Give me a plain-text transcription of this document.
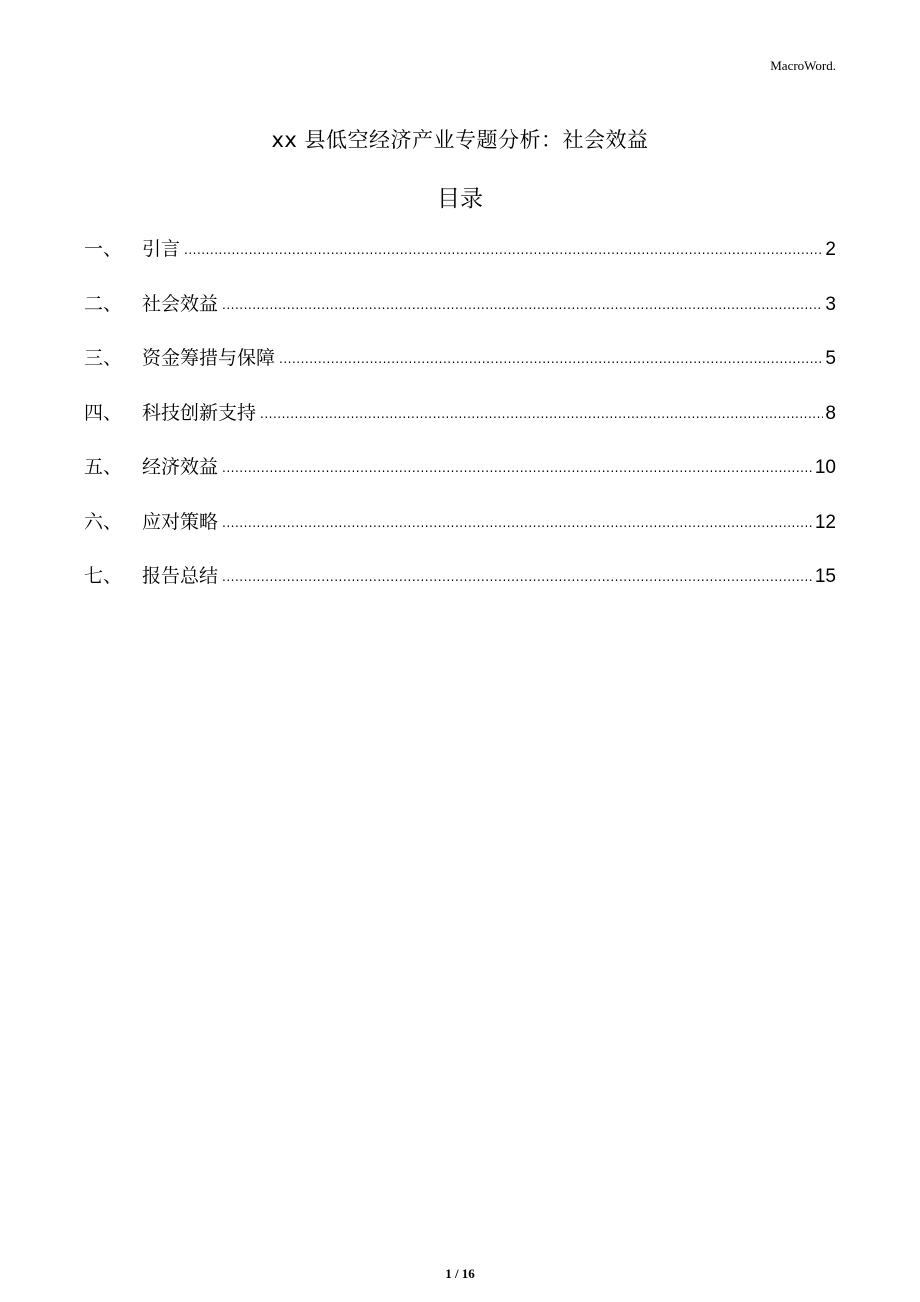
MacroWord.
xx 县低空经济产业专题分析：社会效益
目录
一、	引言 .....	2
二、	社会效益 .....	3
三、	资金筹措与保障 .....	5
四、	科技创新支持 .....	8
五、	经济效益 .....	10
六、	应对策略 .....	12
七、	报告总结 .....	15
1 / 16
